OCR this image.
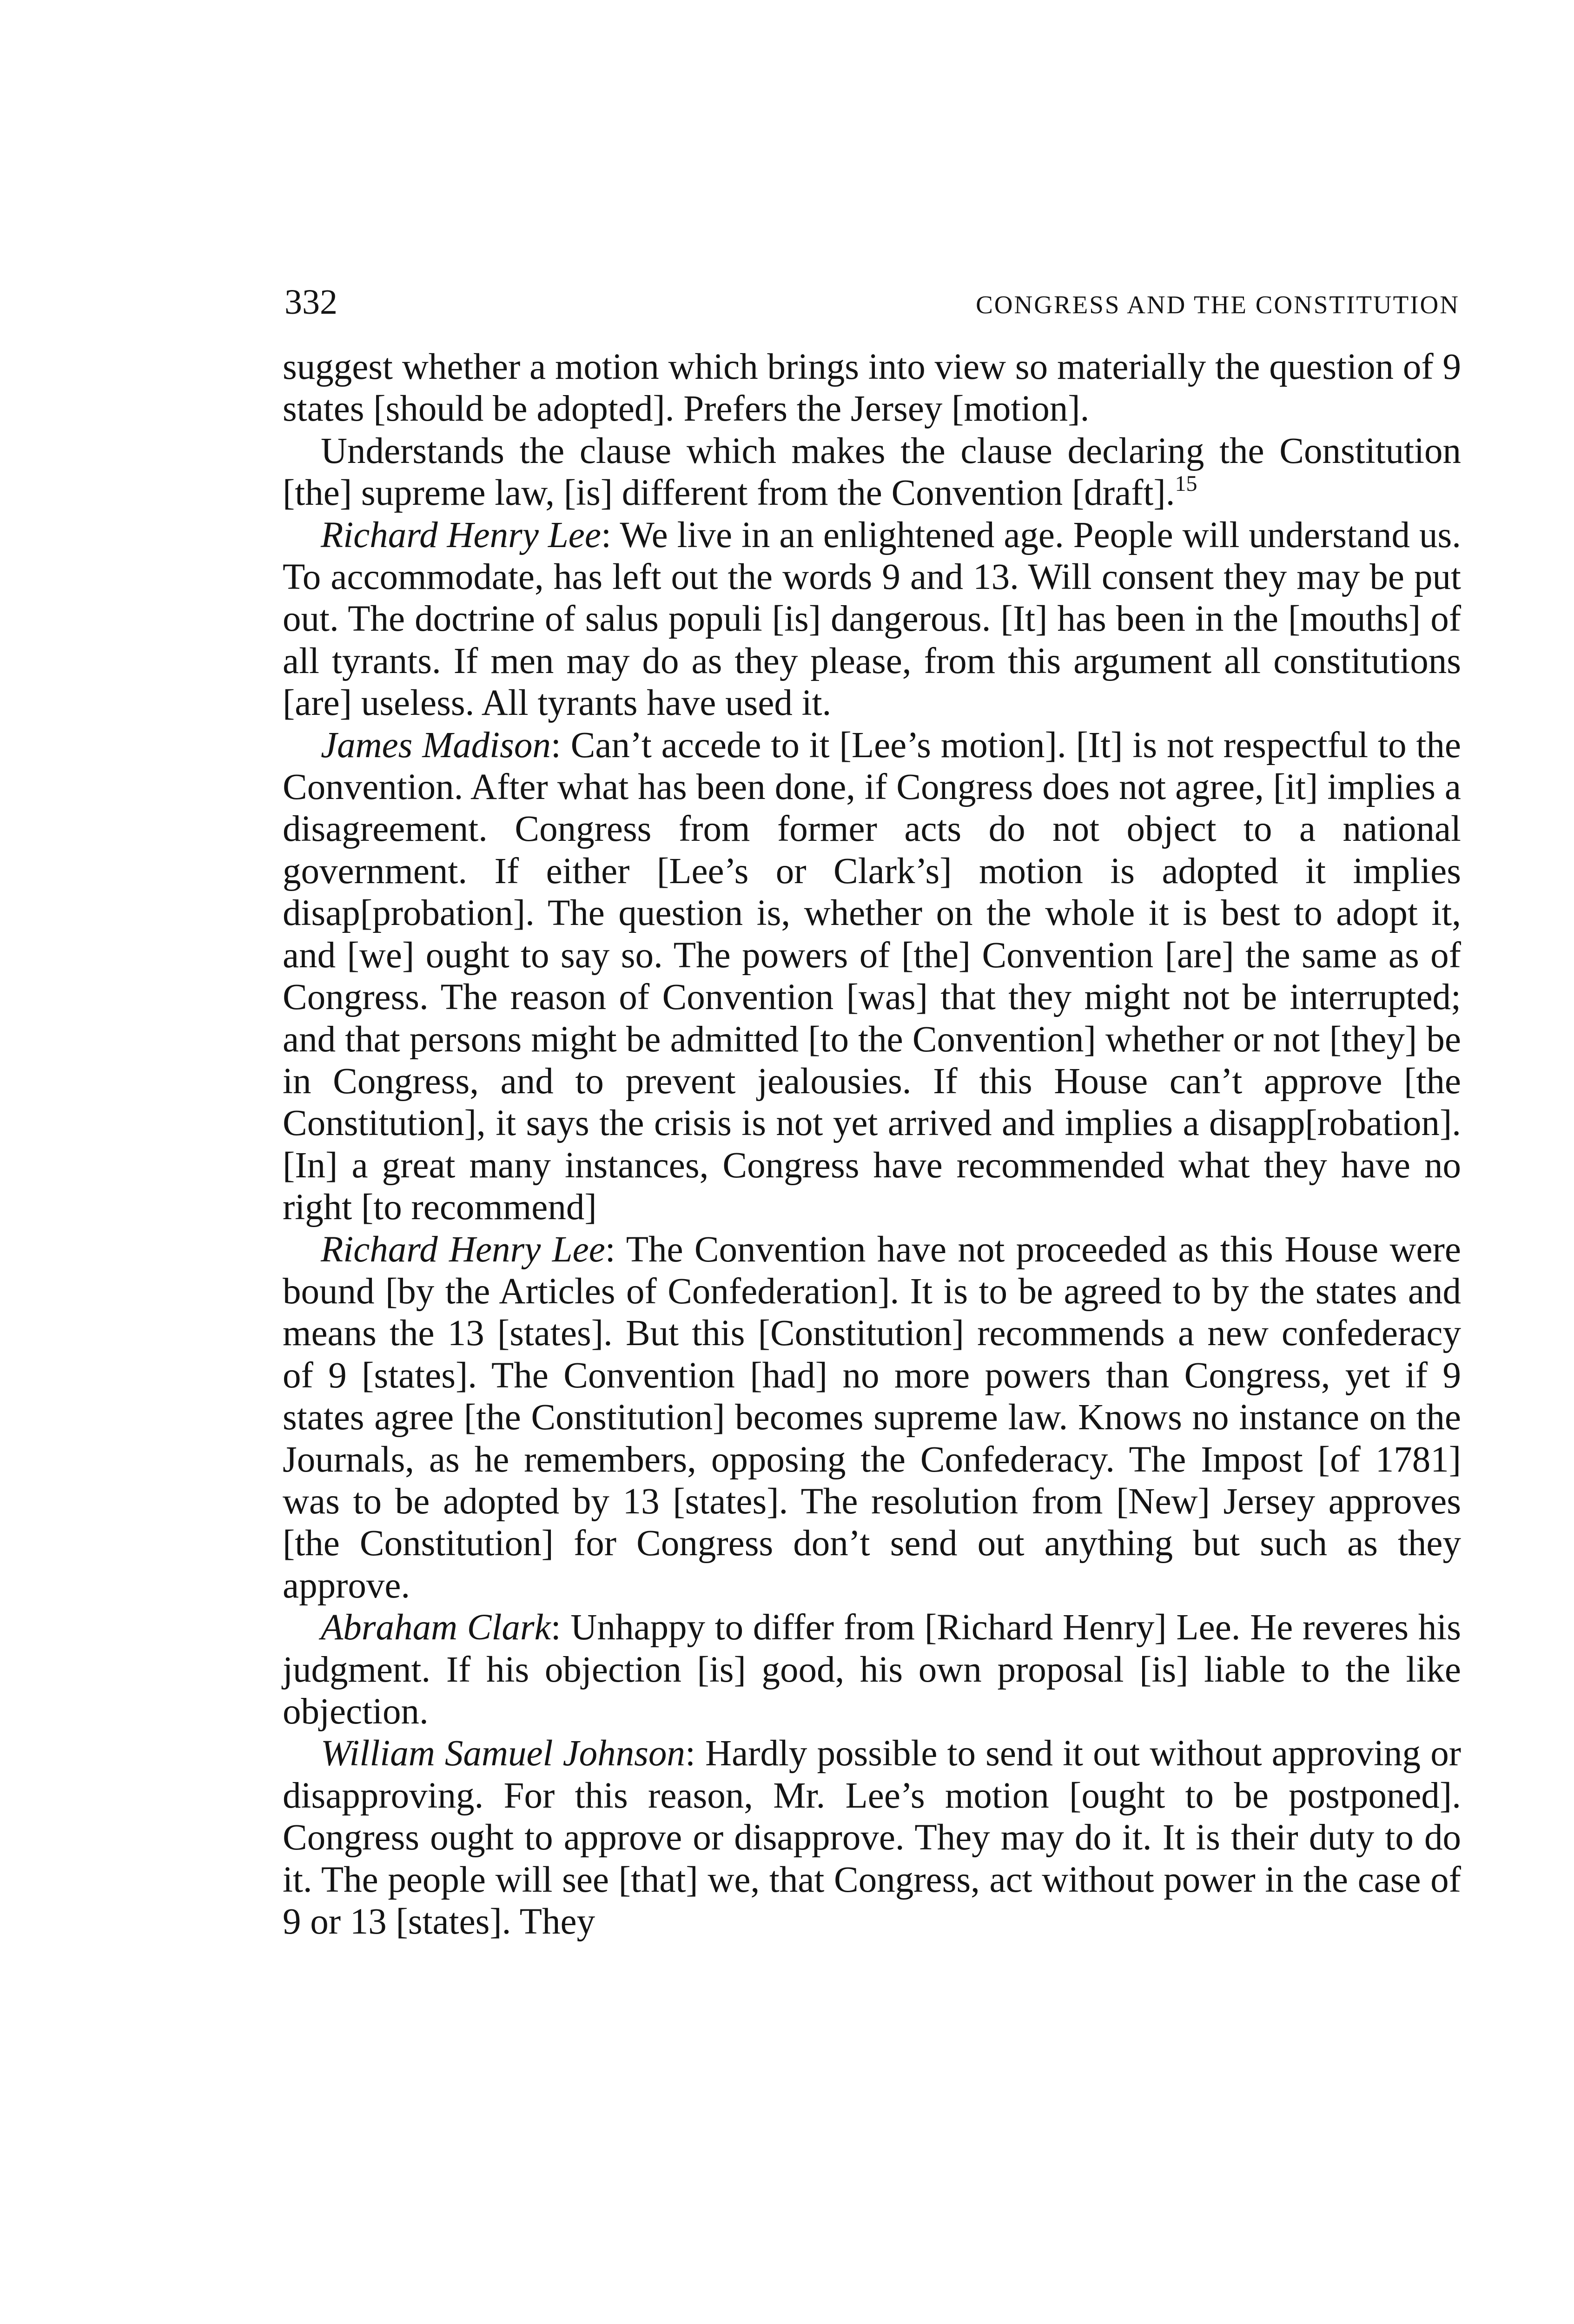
332	CONGRESS AND THE CONSTITUTION

suggest whether a motion which brings into view so materially the question of 9 states [should be adopted]. Prefers the Jersey [motion].

Understands the clause which makes the clause declaring the Constitution [the] supreme law, [is] different from the Convention [draft].$^{15}$

Richard Henry Lee: We live in an enlightened age. People will understand us. To accommodate, has left out the words 9 and 13. Will consent they may be put out. The doctrine of salus populi [is] dangerous. [It] has been in the [mouths] of all tyrants. If men may do as they please, from this argument all constitutions [are] useless. All tyrants have used it.

James Madison: Can’t accede to it [Lee’s motion]. [It] is not respectful to the Convention. After what has been done, if Congress does not agree, [it] implies a disagreement. Congress from former acts do not object to a national government. If either [Lee’s or Clark’s] motion is adopted it implies disap[probation]. The question is, whether on the whole it is best to adopt it, and [we] ought to say so. The powers of [the] Convention [are] the same as of Congress. The reason of Convention [was] that they might not be interrupted; and that persons might be admitted [to the Convention] whether or not [they] be in Congress, and to prevent jealousies. If this House can’t approve [the Constitution], it says the crisis is not yet arrived and implies a disapp[robation]. [In] a great many instances, Congress have recommended what they have no right [to recommend]

Richard Henry Lee: The Convention have not proceeded as this House were bound [by the Articles of Confederation]. It is to be agreed to by the states and means the 13 [states]. But this [Constitution] recommends a new confederacy of 9 [states]. The Convention [had] no more powers than Congress, yet if 9 states agree [the Constitution] becomes supreme law. Knows no instance on the Journals, as he remembers, opposing the Confederacy. The Impost [of 1781] was to be adopted by 13 [states]. The resolution from [New] Jersey approves [the Constitution] for Congress don’t send out anything but such as they approve.

Abraham Clark: Unhappy to differ from [Richard Henry] Lee. He reveres his judgment. If his objection [is] good, his own proposal [is] liable to the like objection.

William Samuel Johnson: Hardly possible to send it out without approving or disapproving. For this reason, Mr. Lee’s motion [ought to be postponed]. Congress ought to approve or disapprove. They may do it. It is their duty to do it. The people will see [that] we, that Congress, act without power in the case of 9 or 13 [states]. They
